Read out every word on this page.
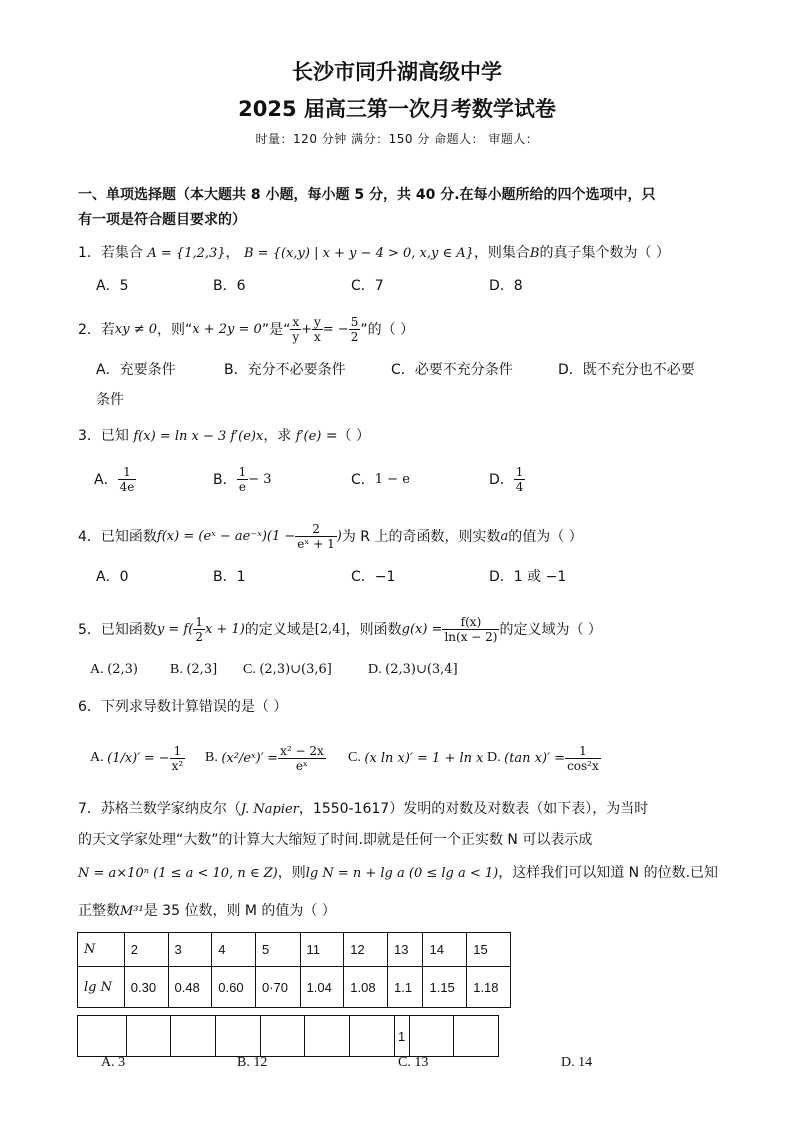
长沙市同升湖高级中学
2025 届高三第一次月考数学试卷
时量：120 分钟 满分：150 分 命题人： 审题人：
一、单项选择题（本大题共 8 小题，每小题 5 分，共 40 分.在每小题所给的四个选项中，只
有一项是符合题目要求的）
1．若集合 A = {1,2,3}， B = {(x,y) | x + y − 4 > 0, x,y ∈ A}，则集合B的真子集个数为（ ）
A．5	B．6	C．7	D．8
2． 若 xy ≠ 0 ，则“ x + 2y = 0 ”是“ $\frac{x}{y} + \frac{y}{x}$ = − $\frac{5}{2}$ ”的（ ）
A．充要条件	B．充分不必要条件	C．必要不充分条件	D．既不充分也不必要
条件
3．已知 f(x) = ln x − 3 f′(e)x，求 f′(e) =（ ）
A． $\frac{1}{4e}$	B． $\frac{1}{e} - 3$	C． 1 − e	D． $\frac{1}{4}$
4． 已知函数 f(x) = (eˣ − ae⁻ˣ)(1 − $\frac{2}{\text{eˣ + 1}}$ ) 为 R 上的奇函数，则实数 a 的值为（ ）
A．0	B．1	C．−1	D．1 或 −1
5． 已知函数 $y = f( \frac{1}{2}$ x + 1) 的定义域是 [2,4] ，则函数 $g(x) = \frac{f(x)}{\ln(x - 2)}$ 的定义域为（ ）
A. (2,3) B. (2,3] C. (2,3)∪(3,6]	D. (2,3)∪(3,4]
6．下列求导数计算错误的是（ ）
A.
(1/x)′
= − $\frac{1}{\text{x²}} B$.
(x²/eˣ)′
= $\frac{\text{x² − 2x}}{\text{eˣ}} C$.
(x ln x)′ = 1 + ln x D.
(tan $x)' = \frac{1}{\text{cos²x}}$
7．苏格兰数学家纳皮尔（J. Napier，1550-1617）发明的对数及对数表（如下表），为当时
的天文学家处理“大数”的计算大大缩短了时间.即就是任何一个正实数 N 可以表示成
N = a×10ⁿ (1 ≤ a < 10, n ∈ Z)，则lg N = n + lg a (0 ≤ lg a < 1)，这样我们可以知道 N 的位数.已知
正整数M³¹是 35 位数，则 M 的值为（ ）
N	2	3	4	5	11	12	13	14	15
lg N	0.30	0.48	0.60	0·70	1.04	1.08	1.1	1.15	1.18
							1		
A. 3	B. 12	C. 13	D. 14
